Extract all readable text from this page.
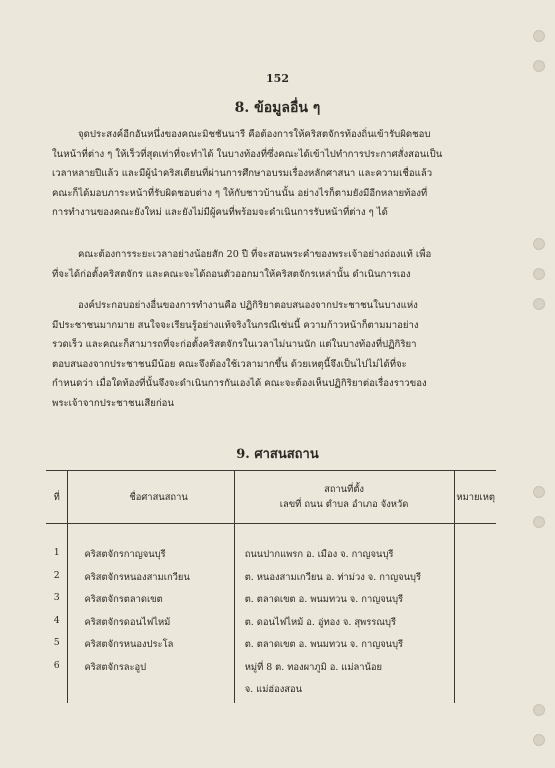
152
8. ข้อมูลอื่น ๆ
จุดประสงค์อีกอันหนึ่งของคณะมิชชันนารี คือต้องการให้คริสตจักรท้องถิ่นเข้ารับผิดชอบ
ในหน้าที่ต่าง ๆ ให้เร็วที่สุดเท่าที่จะทำได้ ในบางท้องที่ซึ่งคณะได้เข้าไปทำการประกาศสั่งสอนเป็น
เวลาหลายปีแล้ว และมีผู้นำคริสเตียนที่ผ่านการศึกษาอบรมเรื่องหลักศาสนา และความเชื่อแล้ว
คณะก็ได้มอบภาระหน้าที่รับผิดชอบต่าง ๆ ให้กับชาวบ้านนั้น อย่างไรก็ตามยังมีอีกหลายท้องที่
การทำงานของคณะยังใหม่ และยังไม่มีผู้คนที่พร้อมจะดำเนินการรับหน้าที่ต่าง ๆ ได้
คณะต้องการระยะเวลาอย่างน้อยสัก 20 ปี ที่จะสอนพระคำของพระเจ้าอย่างถ่องแท้ เพื่อ
ที่จะได้ก่อตั้งคริสตจักร และคณะจะได้ถอนตัวออกมาให้คริสตจักรเหล่านั้น ดำเนินการเอง
องค์ประกอบอย่างอื่นของการทำงานคือ ปฏิกิริยาตอบสนองจากประชาชนในบางแห่ง
มีประชาชนมากมาย สนใจจะเรียนรู้อย่างแท้จริงในกรณีเช่นนี้ ความก้าวหน้าก็ตามมาอย่าง
รวดเร็ว และคณะก็สามารถที่จะก่อตั้งคริสตจักรในเวลาไม่นานนัก แต่ในบางท้องที่ปฏิกิริยา
ตอบสนองจากประชาชนมีน้อย คณะจึงต้องใช้เวลามากขึ้น ด้วยเหตุนี้จึงเป็นไปไม่ได้ที่จะ
กำหนดว่า เมื่อใดท้องที่นั้นจึงจะดำเนินการกันเองได้ คณะจะต้องเห็นปฏิกิริยาต่อเรื่องราวของ
พระเจ้าจากประชาชนเสียก่อน
9. ศาสนสถาน
ที่	ชื่อศาสนสถาน	สถานที่ตั้ง
เลขที่ ถนน ตำบล อำเภอ จังหวัด	หมายเหตุ

1	คริสตจักรกาญจนบุรี	ถนนปากแพรก อ. เมือง จ. กาญจนบุรี	
2	คริสตจักรหนองสามเกวียน	ต. หนองสามเกวียน อ. ท่าม่วง จ. กาญจนบุรี	
3	คริสตจักรตลาดเขต	ต. ตลาดเขต อ. พนมทวน จ. กาญจนบุรี	
4	คริสตจักรดอนไฟไหม้	ต. ดอนไฟไหม้ อ. อู่ทอง จ. สุพรรณบุรี	
5	คริสตจักรหนองประโล	ต. ตลาดเขต อ. พนมทวน จ. กาญจนบุรี	
6	คริสตจักรละอูป	หมู่ที่ 8 ต. ทองผาภูมิ อ. แม่ลาน้อย	
		จ. แม่ฮ่องสอน	
